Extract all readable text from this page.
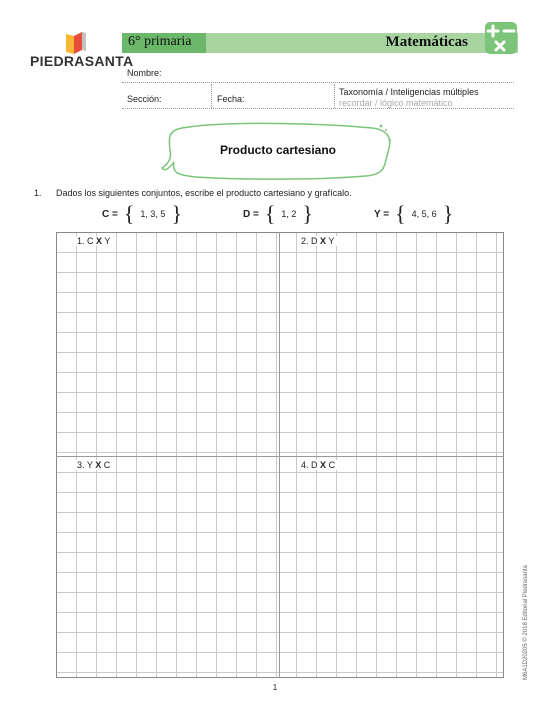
PIEDRASANTA
6° primaria	Matemáticas
Nombre:
Sección:	Fecha:
Taxonomía / Inteligencias múltiples
recordar / lógico matemático
Producto cartesiano
1. Dados los siguientes conjuntos, escribe el producto cartesiano y grafícalo.
C = { 1, 3, 5 }	D = { 1, 2 }	Y = { 4, 5, 6 }
1. C X Y	2. D X Y
3. Y X C	4. D X C
1
M6A1D20205 © 2018 Editorial Piedrasanta
